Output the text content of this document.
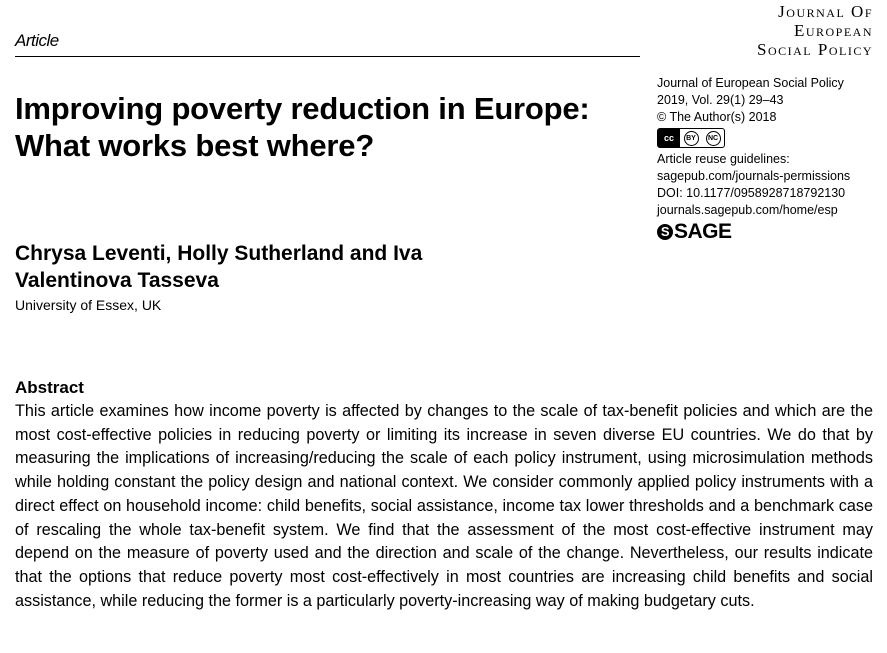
Journal Of
European
Social Policy
Article
Improving poverty reduction in Europe: What works best where?
Journal of European Social Policy
2019, Vol. 29(1) 29–43
© The Author(s) 2018
cc	BY	NC
Article reuse guidelines:
sagepub.com/journals-permissions
DOI: 10.1177/0958928718792130
journals.sagepub.com/home/esp
S SAGE

Chrysa Leventi, Holly Sutherland and Iva Valentinova Tasseva

University of Essex, UK
Abstract

This article examines how income poverty is affected by changes to the scale of tax-benefit policies and which are the most cost-effective policies in reducing poverty or limiting its increase in seven diverse EU countries. We do that by measuring the implications of increasing/reducing the scale of each policy instrument, using microsimulation methods while holding constant the policy design and national context. We consider commonly applied policy instruments with a direct effect on household income: child benefits, social assistance, income tax lower thresholds and a benchmark case of rescaling the whole tax-benefit system. We find that the assessment of the most cost-effective instrument may depend on the measure of poverty used and the direction and scale of the change. Nevertheless, our results indicate that the options that reduce poverty most cost-effectively in most countries are increasing child benefits and social assistance, while reducing the former is a particularly poverty-increasing way of making budgetary cuts.
